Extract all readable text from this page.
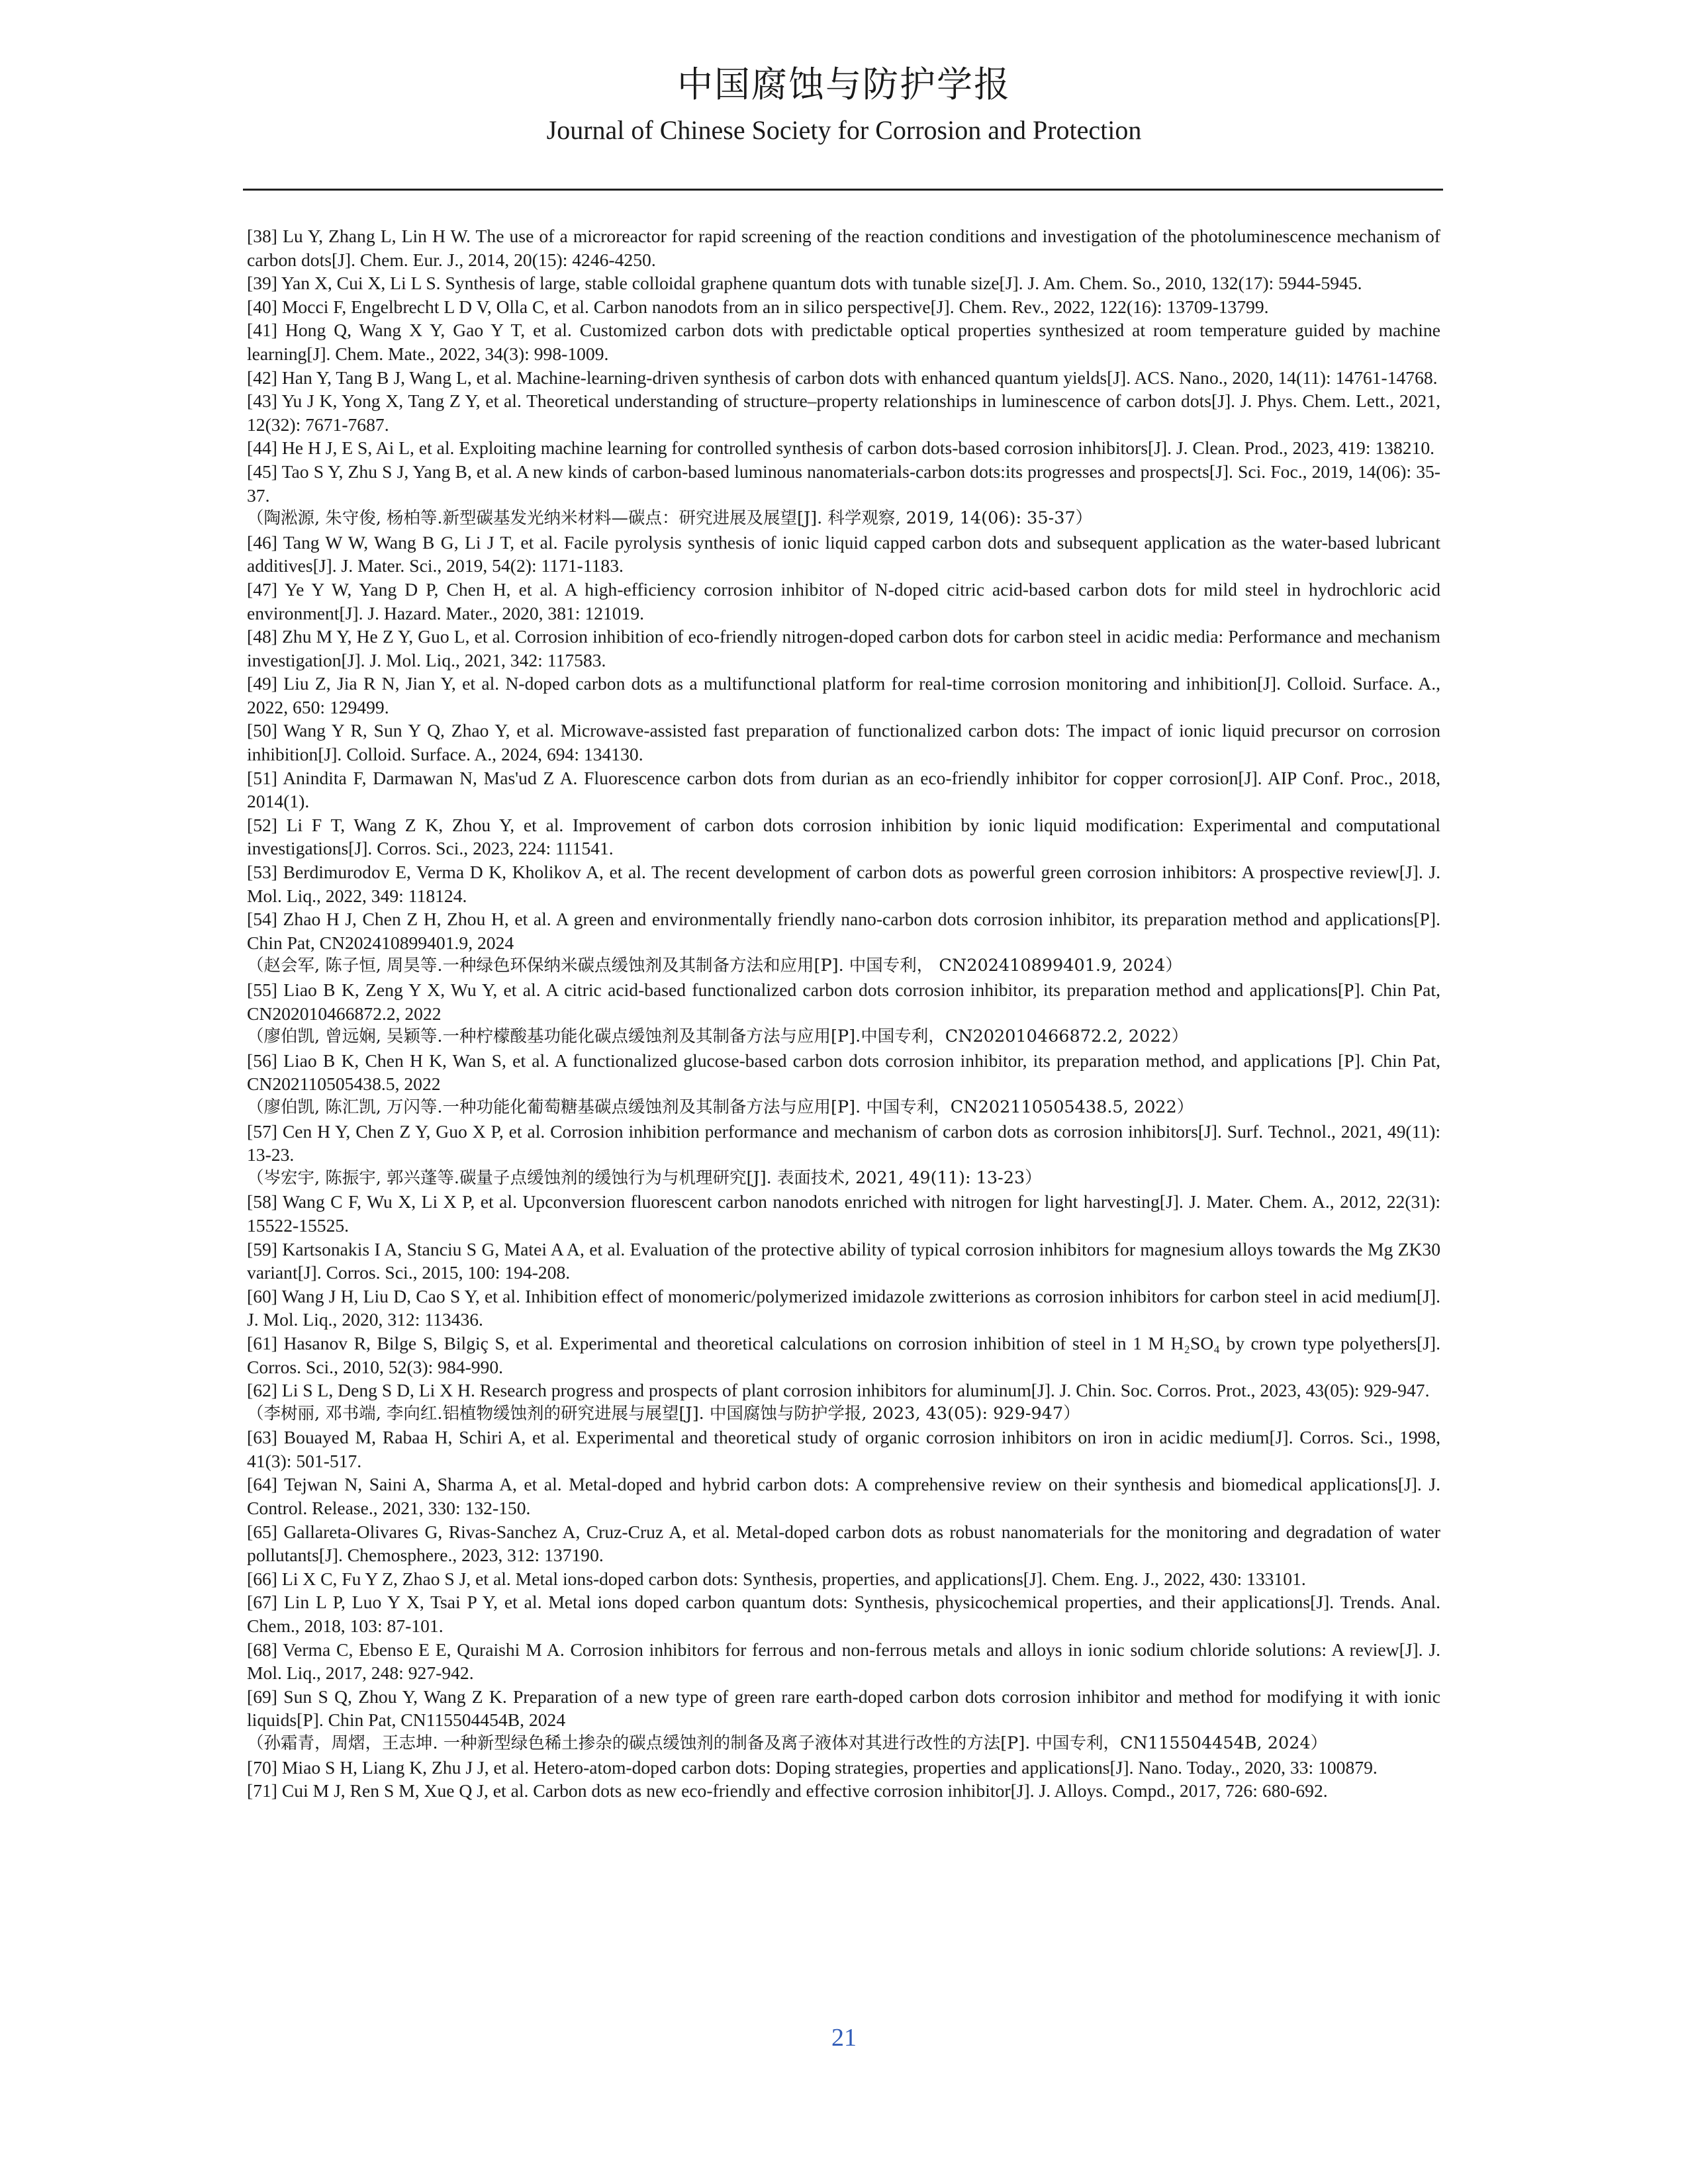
中国腐蚀与防护学报
Journal of Chinese Society for Corrosion and Protection

[38] Lu Y, Zhang L, Lin H W. The use of a microreactor for rapid screening of the reaction conditions and investigation of the photoluminescence mechanism of carbon dots[J]. Chem. Eur. J., 2014, 20(15): 4246-4250.

[39] Yan X, Cui X, Li L S. Synthesis of large, stable colloidal graphene quantum dots with tunable size[J]. J. Am. Chem. So., 2010, 132(17): 5944-5945.

[40] Mocci F, Engelbrecht L D V, Olla C, et al. Carbon nanodots from an in silico perspective[J]. Chem. Rev., 2022, 122(16): 13709-13799.

[41] Hong Q, Wang X Y, Gao Y T, et al. Customized carbon dots with predictable optical properties synthesized at room temperature guided by machine learning[J]. Chem. Mate., 2022, 34(3): 998-1009.

[42] Han Y, Tang B J, Wang L, et al. Machine-learning-driven synthesis of carbon dots with enhanced quantum yields[J]. ACS. Nano., 2020, 14(11): 14761-14768.

[43] Yu J K, Yong X, Tang Z Y, et al. Theoretical understanding of structure–property relationships in luminescence of carbon dots[J]. J. Phys. Chem. Lett., 2021, 12(32): 7671-7687.

[44] He H J, E S, Ai L, et al. Exploiting machine learning for controlled synthesis of carbon dots-based corrosion inhibitors[J]. J. Clean. Prod., 2023, 419: 138210.

[45] Tao S Y, Zhu S J, Yang B, et al. A new kinds of carbon-based luminous nanomaterials-carbon dots:its progresses and prospects[J]. Sci. Foc., 2019, 14(06): 35-37.

（陶淞源, 朱守俊, 杨柏等.新型碳基发光纳米材料—碳点：研究进展及展望[J]. 科学观察, 2019, 14(06): 35-37）

[46] Tang W W, Wang B G, Li J T, et al. Facile pyrolysis synthesis of ionic liquid capped carbon dots and subsequent application as the water-based lubricant additives[J]. J. Mater. Sci., 2019, 54(2): 1171-1183.

[47] Ye Y W, Yang D P, Chen H, et al. A high-efficiency corrosion inhibitor of N-doped citric acid-based carbon dots for mild steel in hydrochloric acid environment[J]. J. Hazard. Mater., 2020, 381: 121019.

[48] Zhu M Y, He Z Y, Guo L, et al. Corrosion inhibition of eco-friendly nitrogen-doped carbon dots for carbon steel in acidic media: Performance and mechanism investigation[J]. J. Mol. Liq., 2021, 342: 117583.

[49] Liu Z, Jia R N, Jian Y, et al. N-doped carbon dots as a multifunctional platform for real-time corrosion monitoring and inhibition[J]. Colloid. Surface. A., 2022, 650: 129499.

[50] Wang Y R, Sun Y Q, Zhao Y, et al. Microwave-assisted fast preparation of functionalized carbon dots: The impact of ionic liquid precursor on corrosion inhibition[J]. Colloid. Surface. A., 2024, 694: 134130.

[51] Anindita F, Darmawan N, Mas'ud Z A. Fluorescence carbon dots from durian as an eco-friendly inhibitor for copper corrosion[J]. AIP Conf. Proc., 2018, 2014(1).

[52] Li F T, Wang Z K, Zhou Y, et al. Improvement of carbon dots corrosion inhibition by ionic liquid modification: Experimental and computational investigations[J]. Corros. Sci., 2023, 224: 111541.

[53] Berdimurodov E, Verma D K, Kholikov A, et al. The recent development of carbon dots as powerful green corrosion inhibitors: A prospective review[J]. J. Mol. Liq., 2022, 349: 118124.

[54] Zhao H J, Chen Z H, Zhou H, et al. A green and environmentally friendly nano-carbon dots corrosion inhibitor, its preparation method and applications[P]. Chin Pat, CN202410899401.9, 2024

（赵会军, 陈子恒, 周昊等.一种绿色环保纳米碳点缓蚀剂及其制备方法和应用[P]. 中国专利， CN202410899401.9, 2024）

[55] Liao B K, Zeng Y X, Wu Y, et al. A citric acid-based functionalized carbon dots corrosion inhibitor, its preparation method and applications[P]. Chin Pat, CN202010466872.2, 2022

（廖伯凯, 曾远娴, 吴颖等.一种柠檬酸基功能化碳点缓蚀剂及其制备方法与应用[P].中国专利，CN202010466872.2, 2022）

[56] Liao B K, Chen H K, Wan S, et al. A functionalized glucose-based carbon dots corrosion inhibitor, its preparation method, and applications [P]. Chin Pat, CN202110505438.5, 2022

（廖伯凯, 陈汇凯, 万闪等.一种功能化葡萄糖基碳点缓蚀剂及其制备方法与应用[P]. 中国专利，CN202110505438.5, 2022）

[57] Cen H Y, Chen Z Y, Guo X P, et al. Corrosion inhibition performance and mechanism of carbon dots as corrosion inhibitors[J]. Surf. Technol., 2021, 49(11): 13-23.

（岑宏宇, 陈振宇, 郭兴蓬等.碳量子点缓蚀剂的缓蚀行为与机理研究[J]. 表面技术, 2021, 49(11): 13-23）

[58] Wang C F, Wu X, Li X P, et al. Upconversion fluorescent carbon nanodots enriched with nitrogen for light harvesting[J]. J. Mater. Chem. A., 2012, 22(31): 15522-15525.

[59] Kartsonakis I A, Stanciu S G, Matei A A, et al. Evaluation of the protective ability of typical corrosion inhibitors for magnesium alloys towards the Mg ZK30 variant[J]. Corros. Sci., 2015, 100: 194-208.

[60] Wang J H, Liu D, Cao S Y, et al. Inhibition effect of monomeric/polymerized imidazole zwitterions as corrosion inhibitors for carbon steel in acid medium[J]. J. Mol. Liq., 2020, 312: 113436.

[61] Hasanov R, Bilge S, Bilgiç S, et al. Experimental and theoretical calculations on corrosion inhibition of steel in 1 M H₂SO₄ by crown type polyethers[J]. Corros. Sci., 2010, 52(3): 984-990.

[62] Li S L, Deng S D, Li X H. Research progress and prospects of plant corrosion inhibitors for aluminum[J]. J. Chin. Soc. Corros. Prot., 2023, 43(05): 929-947.

（李树丽, 邓书端, 李向红.铝植物缓蚀剂的研究进展与展望[J]. 中国腐蚀与防护学报, 2023, 43(05): 929-947）

[63] Bouayed M, Rabaa H, Schiri A, et al. Experimental and theoretical study of organic corrosion inhibitors on iron in acidic medium[J]. Corros. Sci., 1998, 41(3): 501-517.

[64] Tejwan N, Saini A, Sharma A, et al. Metal-doped and hybrid carbon dots: A comprehensive review on their synthesis and biomedical applications[J]. J. Control. Release., 2021, 330: 132-150.

[65] Gallareta-Olivares G, Rivas-Sanchez A, Cruz-Cruz A, et al. Metal-doped carbon dots as robust nanomaterials for the monitoring and degradation of water pollutants[J]. Chemosphere., 2023, 312: 137190.

[66] Li X C, Fu Y Z, Zhao S J, et al. Metal ions-doped carbon dots: Synthesis, properties, and applications[J]. Chem. Eng. J., 2022, 430: 133101.

[67] Lin L P, Luo Y X, Tsai P Y, et al. Metal ions doped carbon quantum dots: Synthesis, physicochemical properties, and their applications[J]. Trends. Anal. Chem., 2018, 103: 87-101.

[68] Verma C, Ebenso E E, Quraishi M A. Corrosion inhibitors for ferrous and non-ferrous metals and alloys in ionic sodium chloride solutions: A review[J]. J. Mol. Liq., 2017, 248: 927-942.

[69] Sun S Q, Zhou Y, Wang Z K. Preparation of a new type of green rare earth-doped carbon dots corrosion inhibitor and method for modifying it with ionic liquids[P]. Chin Pat, CN115504454B, 2024

（孙霜青，周熠，王志坤. 一种新型绿色稀土掺杂的碳点缓蚀剂的制备及离子液体对其进行改性的方法[P]. 中国专利，CN115504454B, 2024）

[70] Miao S H, Liang K, Zhu J J, et al. Hetero-atom-doped carbon dots: Doping strategies, properties and applications[J]. Nano. Today., 2020, 33: 100879.

[71] Cui M J, Ren S M, Xue Q J, et al. Carbon dots as new eco-friendly and effective corrosion inhibitor[J]. J. Alloys. Compd., 2017, 726: 680-692.

21
